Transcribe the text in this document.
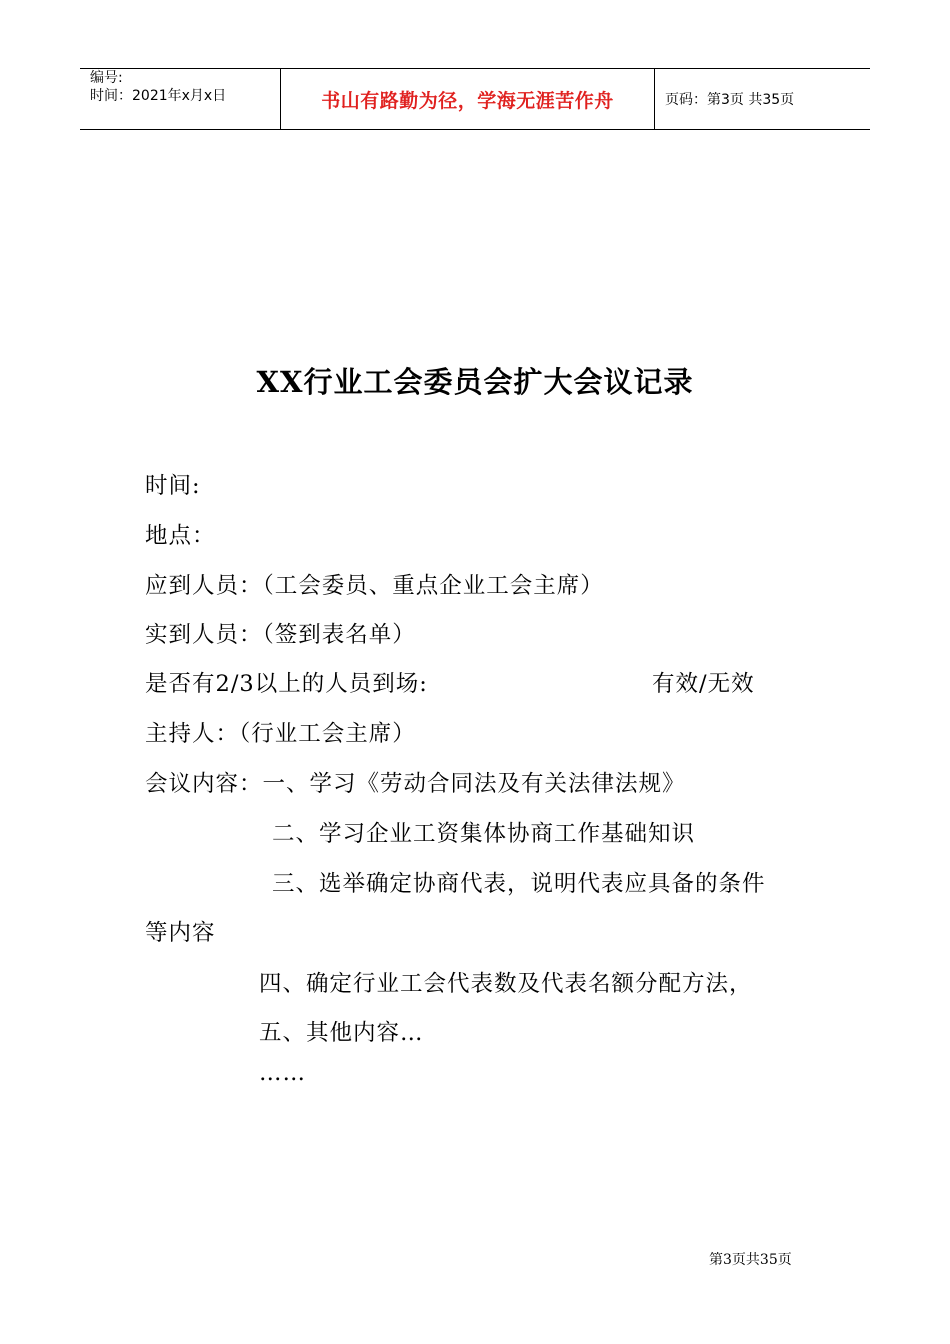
编号:
时间：2021年x月x日	书山有路勤为径，学海无涯苦作舟	页码：第3页 共35页
XX行业工会委员会扩大会议记录
时间:
地点：
应到人员：（工会委员、重点企业工会主席）
实到人员：（签到表名单）
是否有2/3以上的人员到场:	有效/无效
主持人：（行业工会主席）
会议内容：一、学习《劳动合同法及有关法律法规》
二、学习企业工资集体协商工作基础知识
三、选举确定协商代表，说明代表应具备的条件
等内容
四、确定行业工会代表数及代表名额分配方法，
五、其他内容…
……
第3页共35页
